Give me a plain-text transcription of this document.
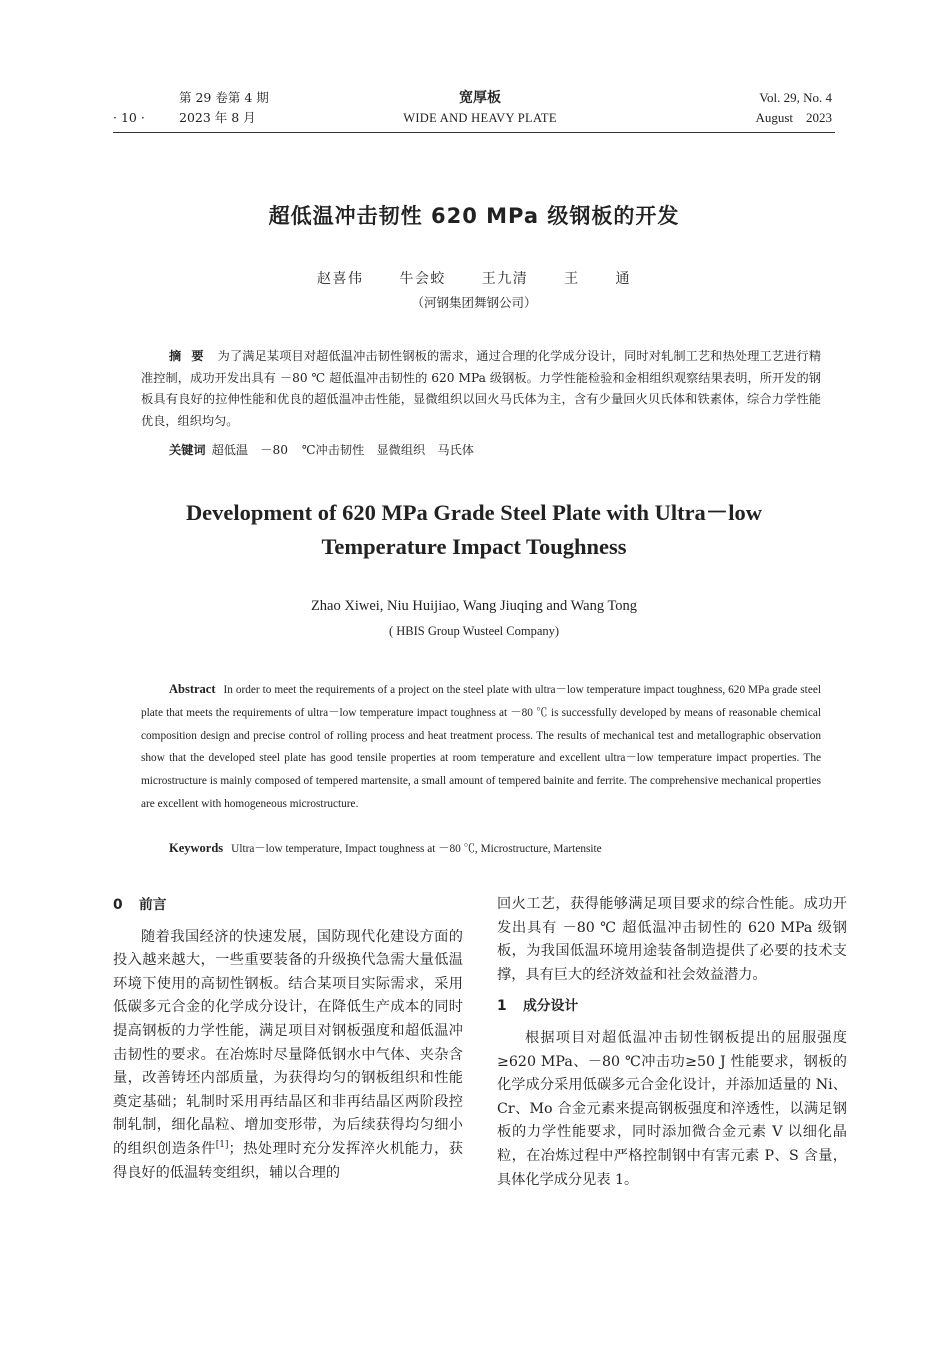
第 29 卷第 4 期
· 10 ·	2023 年 8 月
宽厚板
WIDE AND HEAVY PLATE
Vol. 29, No. 4
August    2023
超低温冲击韧性 620 MPa 级钢板的开发
赵喜伟   牛会蛟   王九清   王   通
（河钢集团舞钢公司）
摘要 为了满足某项目对超低温冲击韧性钢板的需求，通过合理的化学成分设计，同时对轧制工艺和热处理工艺进行精准控制，成功开发出具有 －80 ℃ 超低温冲击韧性的 620 MPa 级钢板。力学性能检验和金相组织观察结果表明，所开发的钢板具有良好的拉伸性能和优良的超低温冲击性能，显微组织以回火马氏体为主，含有少量回火贝氏体和铁素体，综合力学性能优良，组织均匀。
关键词 超低温　－80 ℃冲击韧性　显微组织　马氏体
Development of 620 MPa Grade Steel Plate with Ultra－low
Temperature Impact Toughness
Zhao Xiwei, Niu Huijiao, Wang Jiuqing and Wang Tong
( HBIS Group Wusteel Company)
Abstract In order to meet the requirements of a project on the steel plate with ultra－low temperature impact toughness, 620 MPa grade steel plate that meets the requirements of ultra－low temperature impact toughness at －80 ℃ is successfully developed by means of reasonable chemical composition design and precise control of rolling process and heat treatment process. The results of mechanical test and metallographic observation show that the developed steel plate has good tensile properties at room temperature and excellent ultra－low temperature impact properties. The microstructure is mainly composed of tempered martensite, a small amount of tempered bainite and ferrite. The comprehensive mechanical properties are excellent with homogeneous microstructure.
Keywords Ultra－low temperature, Impact toughness at －80 ℃, Microstructure, Martensite
0 前言

随着我国经济的快速发展，国防现代化建设方面的投入越来越大，一些重要装备的升级换代急需大量低温环境下使用的高韧性钢板。结合某项目实际需求，采用低碳多元合金的化学成分设计，在降低生产成本的同时提高钢板的力学性能，满足项目对钢板强度和超低温冲击韧性的要求。在冶炼时尽量降低钢水中气体、夹杂含量，改善铸坯内部质量，为获得均匀的钢板组织和性能奠定基础；轧制时采用再结晶区和非再结晶区两阶段控制轧制，细化晶粒、增加变形带，为后续获得均匀细小的组织创造条件[1]；热处理时充分发挥淬火机能力，获得良好的低温转变组织，辅以合理的

回火工艺，获得能够满足项目要求的综合性能。成功开发出具有 －80 ℃ 超低温冲击韧性的 620 MPa 级钢板，为我国低温环境用途装备制造提供了必要的技术支撑，具有巨大的经济效益和社会效益潜力。

1 成分设计

根据项目对超低温冲击韧性钢板提出的屈服强度≥620 MPa、－80 ℃冲击功≥50 J 性能要求，钢板的化学成分采用低碳多元合金化设计，并添加适量的 Ni、Cr、Mo 合金元素来提高钢板强度和淬透性，以满足钢板的力学性能要求，同时添加微合金元素 V 以细化晶粒，在冶炼过程中严格控制钢中有害元素 P、S 含量，具体化学成分见表 1。
